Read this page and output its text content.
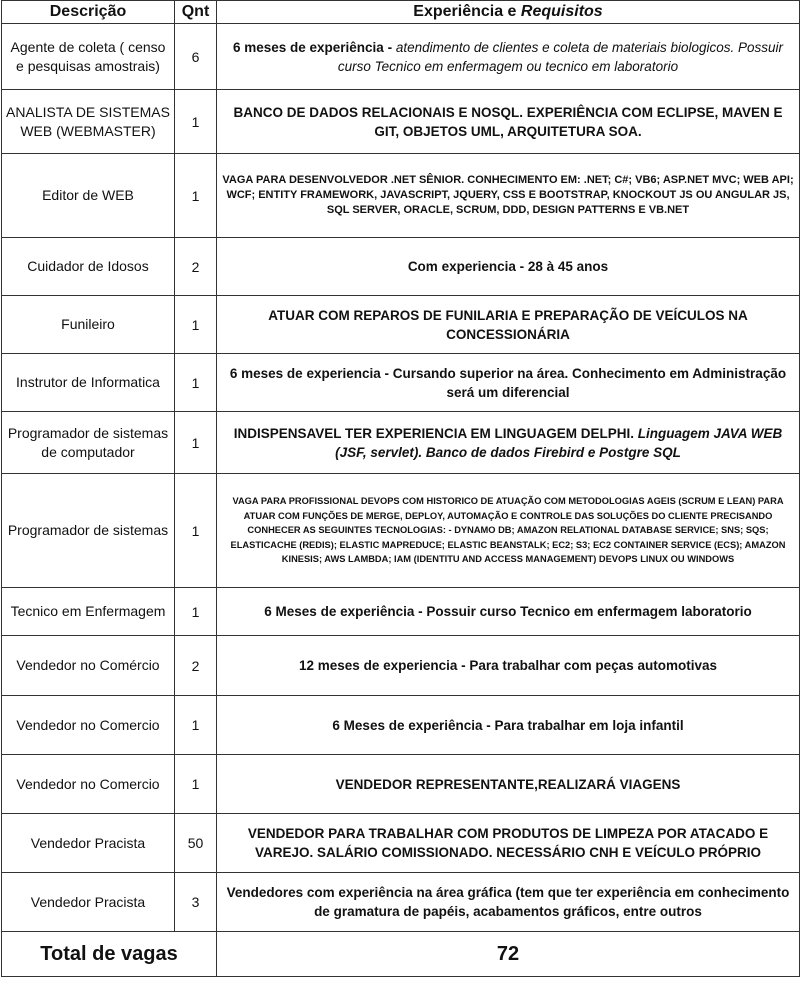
Descrição	Qnt	Experiência e Requisitos
Agente de coleta ( censo e pesquisas amostrais)	6	6 meses de experiência - atendimento de clientes e coleta de materiais biologicos. Possuir curso Tecnico em enfermagem ou tecnico em laboratorio
ANALISTA DE SISTEMAS WEB (WEBMASTER)	1	BANCO DE DADOS RELACIONAIS E NOSQL. EXPERIÊNCIA COM ECLIPSE, MAVEN E GIT, OBJETOS UML, ARQUITETURA SOA.
Editor de WEB	1	VAGA PARA DESENVOLVEDOR .NET SÊNIOR. CONHECIMENTO EM: .NET; C#; VB6; ASP.NET MVC; WEB API; WCF; ENTITY FRAMEWORK, JAVASCRIPT, JQUERY, CSS E BOOTSTRAP, KNOCKOUT JS OU ANGULAR JS, SQL SERVER, ORACLE, SCRUM, DDD, DESIGN PATTERNS E VB.NET
Cuidador de Idosos	2	Com experiencia - 28 à 45 anos
Funileiro	1	ATUAR COM REPAROS DE FUNILARIA E PREPARAÇÃO DE VEÍCULOS NA CONCESSIONÁRIA
Instrutor de Informatica	1	6 meses de experiencia - Cursando superior na área. Conhecimento em Administração será um diferencial
Programador de sistemas de computador	1	INDISPENSAVEL TER EXPERIENCIA EM LINGUAGEM DELPHI. Linguagem JAVA WEB (JSF, servlet). Banco de dados Firebird e Postgre SQL
Programador de sistemas	1	VAGA PARA PROFISSIONAL DEVOPS COM HISTORICO DE ATUAÇÃO COM METODOLOGIAS AGEIS (SCRUM E LEAN) PARA ATUAR COM FUNÇÕES DE MERGE, DEPLOY, AUTOMAÇÃO E CONTROLE DAS SOLUÇÕES DO CLIENTE PRECISANDO CONHECER AS SEGUINTES TECNOLOGIAS: - DYNAMO DB; AMAZON RELATIONAL DATABASE SERVICE; SNS; SQS; ELASTICACHE (REDIS); ELASTIC MAPREDUCE; ELASTIC BEANSTALK; EC2; S3; EC2 CONTAINER SERVICE (ECS); AMAZON KINESIS; AWS LAMBDA; IAM (IDENTITU AND ACCESS MANAGEMENT) DEVOPS LINUX OU WINDOWS
Tecnico em Enfermagem	1	6 Meses de experiência - Possuir curso Tecnico em enfermagem laboratorio
Vendedor no Comércio	2	12 meses de experiencia - Para trabalhar com peças automotivas
Vendedor no Comercio	1	6 Meses de experiência - Para trabalhar em loja infantil
Vendedor no Comercio	1	VENDEDOR REPRESENTANTE,REALIZARÁ VIAGENS
Vendedor Pracista	50	VENDEDOR PARA TRABALHAR COM PRODUTOS DE LIMPEZA POR ATACADO E VAREJO. SALÁRIO COMISSIONADO. NECESSÁRIO CNH E VEÍCULO PRÓPRIO
Vendedor Pracista	3	Vendedores com experiência na área gráfica (tem que ter experiência em conhecimento de gramatura de papéis, acabamentos gráficos, entre outros
Total de vagas		72
